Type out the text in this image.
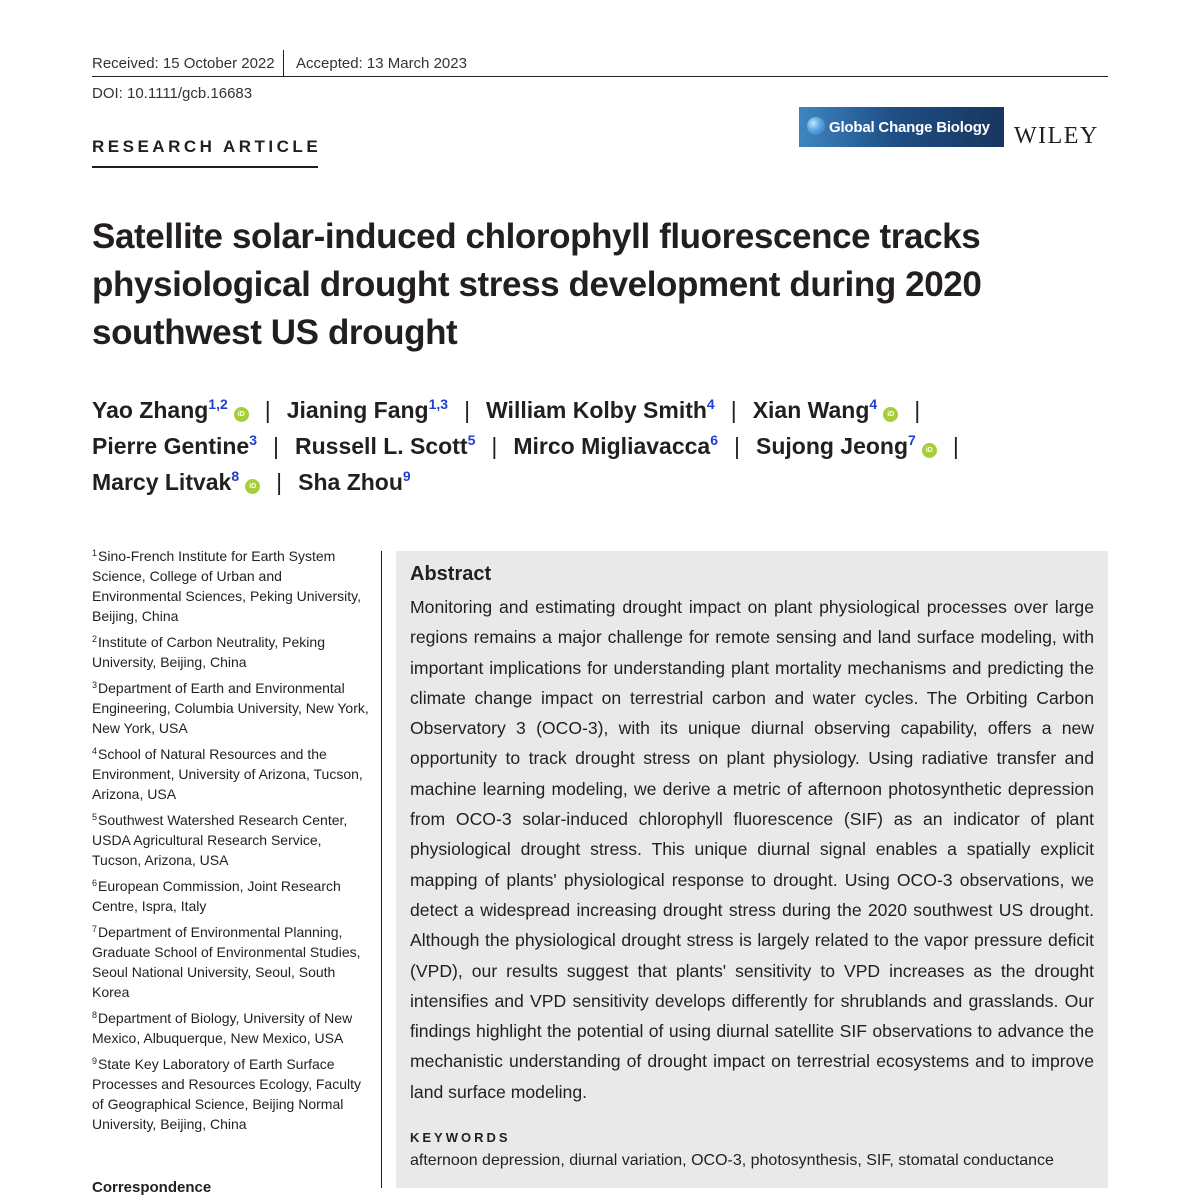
Received: 15 October 2022 Accepted: 13 March 2023
DOI: 10.1111/gcb.16683
Global Change Biology WILEY
RESEARCH ARTICLE
Satellite solar-induced chlorophyll fluorescence tracks physiological drought stress development during 2020 southwest US drought
Yao Zhang$^{1,2}$iD | Jianing Fang$^{1,3}$ | William Kolby Smith$^4$ | Xian Wang$^4$iD |
Pierre Gentine$^3$ | Russell L. Scott$^5$ | Mirco Migliavacca$^6$ | Sujong Jeong$^7$iD |
Marcy Litvak$^8$iD | Sha Zhou$^9$
$^1$Sino-French Institute for Earth System Science, College of Urban and Environmental Sciences, Peking University, Beijing, China
$^2$Institute of Carbon Neutrality, Peking University, Beijing, China
$^3$Department of Earth and Environmental Engineering, Columbia University, New York, New York, USA
$^4$School of Natural Resources and the Environment, University of Arizona, Tucson, Arizona, USA
$^5$Southwest Watershed Research Center, USDA Agricultural Research Service, Tucson, Arizona, USA
$^6$European Commission, Joint Research Centre, Ispra, Italy
$^7$Department of Environmental Planning, Graduate School of Environmental Studies, Seoul National University, Seoul, South Korea
$^8$Department of Biology, University of New Mexico, Albuquerque, New Mexico, USA
$^9$State Key Laboratory of Earth Surface Processes and Resources Ecology, Faculty of Geographical Science, Beijing Normal University, Beijing, China
Correspondence
Abstract
Monitoring and estimating drought impact on plant physiological processes over large regions remains a major challenge for remote sensing and land surface modeling, with important implications for understanding plant mortality mechanisms and predicting the climate change impact on terrestrial carbon and water cycles. The Orbiting Carbon Observatory 3 (OCO-3), with its unique diurnal observing capability, offers a new opportunity to track drought stress on plant physiology. Using radiative transfer and machine learning modeling, we derive a metric of afternoon photosynthetic depression from OCO-3 solar-induced chlorophyll fluorescence (SIF) as an indicator of plant physiological drought stress. This unique diurnal signal enables a spatially explicit mapping of plants' physiological response to drought. Using OCO-3 observations, we detect a widespread increasing drought stress during the 2020 southwest US drought. Although the physiological drought stress is largely related to the vapor pressure deficit (VPD), our results suggest that plants' sensitivity to VPD increases as the drought intensifies and VPD sensitivity develops differently for shrublands and grasslands. Our findings highlight the potential of using diurnal satellite SIF observations to advance the mechanistic understanding of drought impact on terrestrial ecosystems and to improve land surface modeling.
KEYWORDS
afternoon depression, diurnal variation, OCO-3, photosynthesis, SIF, stomatal conductance
